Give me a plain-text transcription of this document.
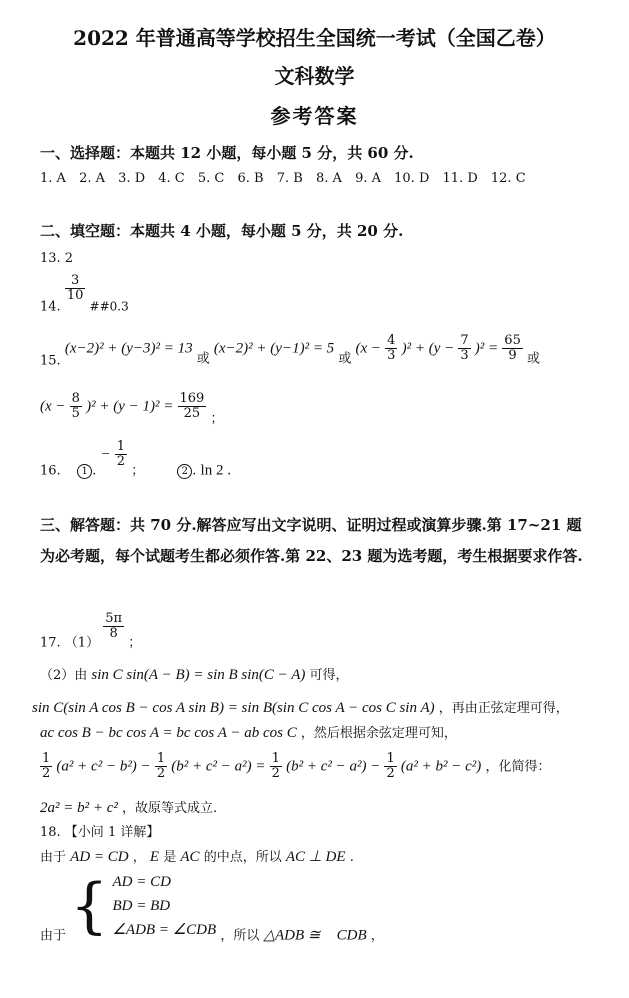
2022 年普通高等学校招生全国统一考试（全国乙卷）
文科数学
参考答案
一、选择题：本题共 12 小题，每小题 5 分，共 60 分.
1. A 2. A 3. D 4. C 5. C 6. B 7. B 8. A 9. A 10. D 11. D 12. C
二、填空题：本题共 4 小题，每小题 5 分，共 20 分.
13. 2
14.
$\frac{3}{10}$
##0.3
15. (x−2)² + (y−3)² = 13 或 (x−2)² + (y−1)² = 5 或 $(x - \frac{4}{3} )^2 + (y - \frac{7}{3} )^2 = \frac{65}{9}$ 或
$(x - \frac{8}{5} )^2 + (y - 1)^2 = \frac{169}{25}$ ；
16. 1 . − $\frac{1}{2}$
；	2 . ln 2 .
三、解答题：共 70 分.解答应写出文字说明、证明过程或演算步骤.第 17~21 题为必考题，每个试题考生都必须作答.第 22、23 题为选考题，考生根据要求作答.
17. （1）
$\frac{5\pi}{8}$
；
（2）由 sin C sin(A − B) = sin B sin(C − A) 可得，
sin C(sin A cos B − cos A sin B) = sin B(sin C cos A − cos C sin A) ，再由正弦定理可得，
ac cos B − bc cos A = bc cos A − ab cos C ，然后根据余弦定理可知，
$\frac{1}{2} (a^2 + c^2 - b^2) - \frac{1}{2} (b^2 + c^2 - a^2) = \frac{1}{2} (b^2 + c^2 - a^2) - \frac{1}{2} (a^2 + b^2 - c^2)$ ，化简得：
2a² = b² + c² ，故原等式成立.
18. 【小问 1 详解】
由于 AD = CD ， E 是 AC 的中点，所以 AC ⊥ DE .
由于 { AD = CD
BD = BD
∠ADB = ∠CDB ，所以 △ADB ≅    CDB ，
